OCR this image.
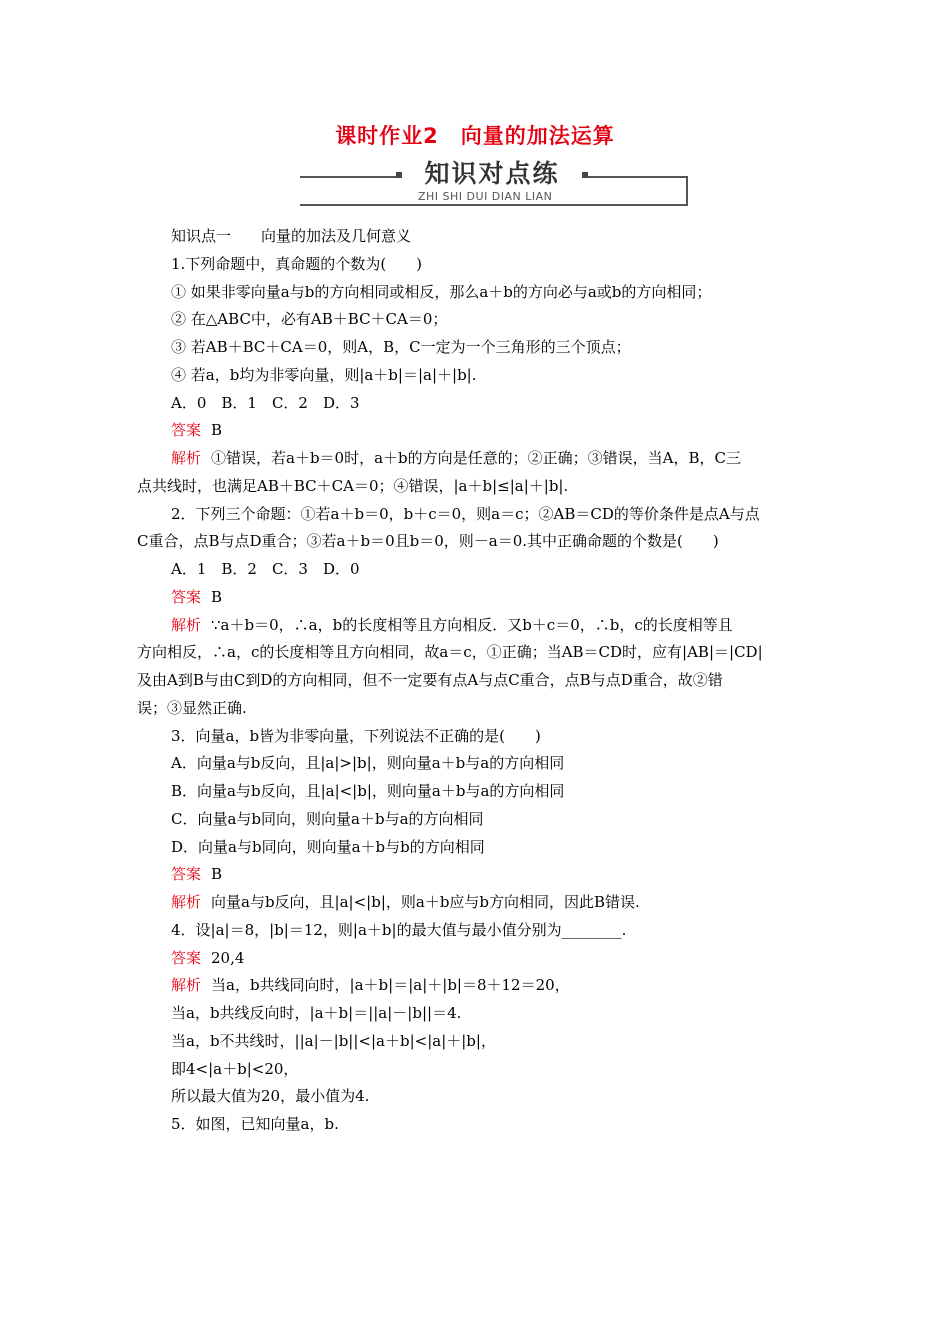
课时作业2　向量的加法运算
知识对点练
ZHI SHI DUI DIAN LIAN
知识点一　　向量的加法及几何意义
1.下列命题中，真命题的个数为(　　)
① 如果非零向量a与b的方向相同或相反，那么a＋b的方向必与a或b的方向相同；
② 在△ABC中，必有AB＋BC＋CA＝0；
③ 若AB＋BC＋CA＝0，则A，B，C一定为一个三角形的三个顶点；
④ 若a，b均为非零向量，则|a＋b|＝|a|＋|b|.
A．0　B．1　C．2　D．3
答案 B
解析 ①错误，若a＋b＝0时，a＋b的方向是任意的；②正确；③错误，当A，B，C三
点共线时，也满足AB＋BC＋CA＝0；④错误，|a＋b|≤|a|＋|b|.
2．下列三个命题：①若a＋b＝0，b＋c＝0，则a＝c；②AB＝CD的等价条件是点A与点
C重合，点B与点D重合；③若a＋b＝0且b＝0，则－a＝0.其中正确命题的个数是(　　)
A．1　B．2　C．3　D．0
答案 B
解析 ∵a＋b＝0，∴a，b的长度相等且方向相反．又b＋c＝0，∴b，c的长度相等且
方向相反，∴a，c的长度相等且方向相同，故a＝c，①正确；当AB＝CD时，应有|AB|＝|CD|
及由A到B与由C到D的方向相同，但不一定要有点A与点C重合，点B与点D重合，故②错
误；③显然正确.
3．向量a，b皆为非零向量，下列说法不正确的是(　　)
A．向量a与b反向，且|a|>|b|，则向量a＋b与a的方向相同
B．向量a与b反向，且|a|<|b|，则向量a＋b与a的方向相同
C．向量a与b同向，则向量a＋b与a的方向相同
D．向量a与b同向，则向量a＋b与b的方向相同
答案 B
解析 向量a与b反向，且|a|<|b|，则a＋b应与b方向相同，因此B错误.
4．设|a|＝8，|b|＝12，则|a＋b|的最大值与最小值分别为________.
答案 20,4
解析 当a，b共线同向时，|a＋b|＝|a|＋|b|＝8＋12＝20，
当a，b共线反向时，|a＋b|＝||a|－|b||＝4.
当a，b不共线时，||a|－|b||<|a＋b|<|a|＋|b|，
即4<|a＋b|<20，
所以最大值为20，最小值为4.
5．如图，已知向量a，b.
